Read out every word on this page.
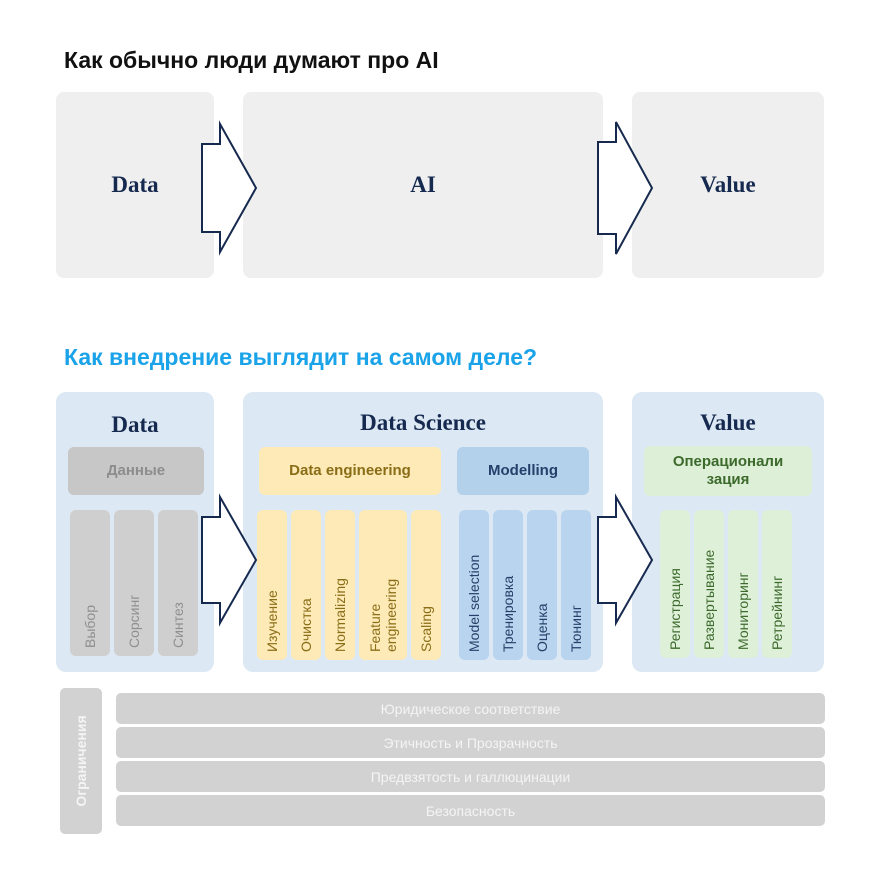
Как обычно люди думают про AI
Data	AI	Value
Как внедрение выглядит на самом деле?
Data
Данные
Выбор Сорсинг Синтез
Data Science
Data engineering	Modelling
Изучение Очистка Normalizing Feature
engineering Scaling Model selection Тренировка Оценка Тюнинг
Value
Операционали
зация
Регистрация Развертывание Мониторинг Ретрейнинг
Ограничения
Юридическое соответствие
Этичность и Прозрачность
Предвзятость и галлюцинации
Безопасность
